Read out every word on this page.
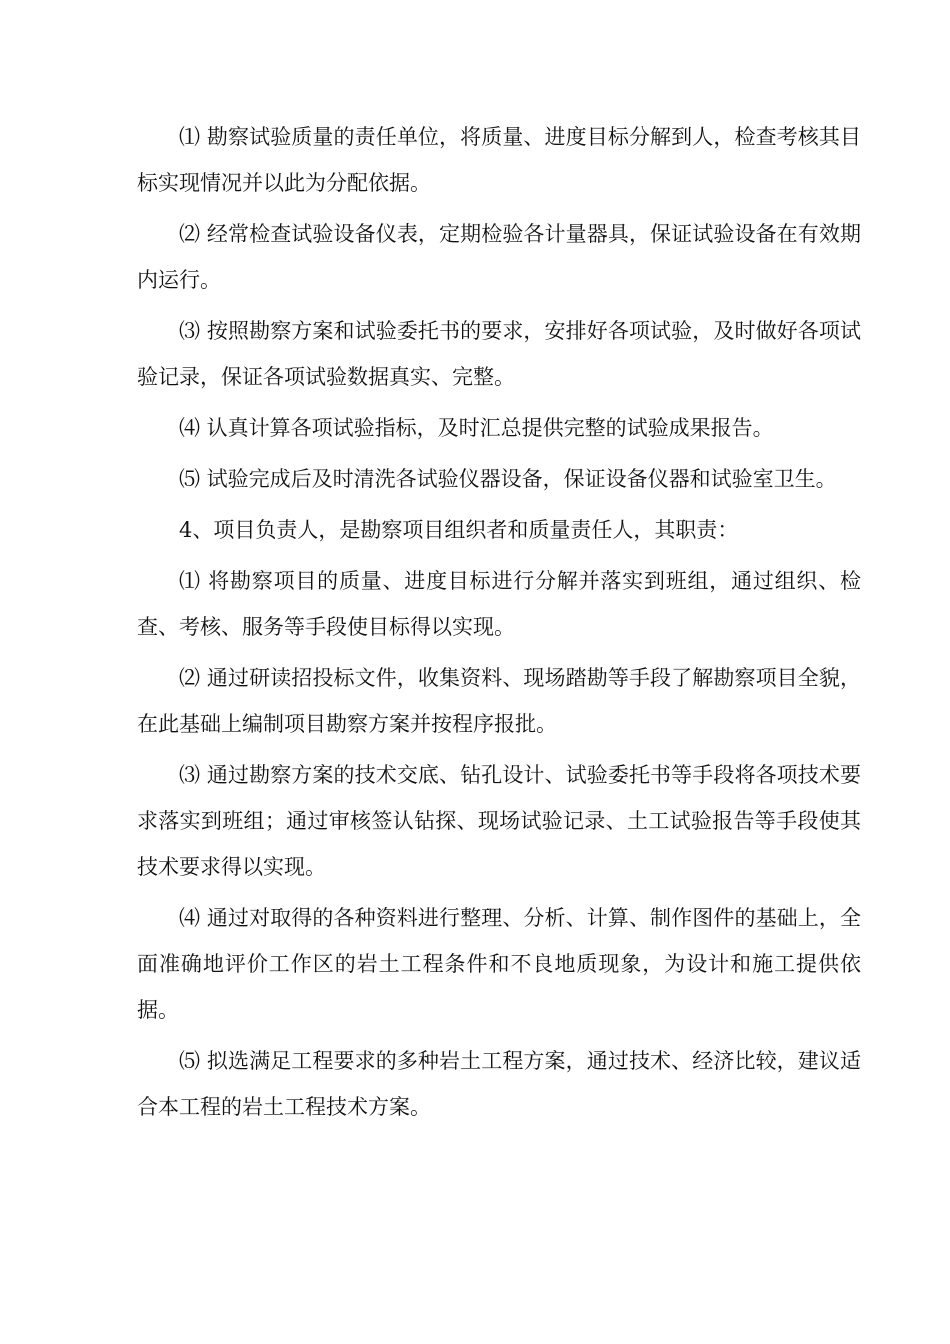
⑴ 勘察试验质量的责任单位，将质量、进度目标分解到人，检查考核其目标实现情况并以此为分配依据。

⑵ 经常检查试验设备仪表，定期检验各计量器具，保证试验设备在有效期内运行。

⑶ 按照勘察方案和试验委托书的要求，安排好各项试验，及时做好各项试验记录，保证各项试验数据真实、完整。

⑷ 认真计算各项试验指标，及时汇总提供完整的试验成果报告。

⑸ 试验完成后及时清洗各试验仪器设备，保证设备仪器和试验室卫生。

4、项目负责人，是勘察项目组织者和质量责任人，其职责：

⑴ 将勘察项目的质量、进度目标进行分解并落实到班组，通过组织、检查、考核、服务等手段使目标得以实现。

⑵ 通过研读招投标文件，收集资料、现场踏勘等手段了解勘察项目全貌，在此基础上编制项目勘察方案并按程序报批。

⑶ 通过勘察方案的技术交底、钻孔设计、试验委托书等手段将各项技术要求落实到班组；通过审核签认钻探、现场试验记录、土工试验报告等手段使其技术要求得以实现。

⑷ 通过对取得的各种资料进行整理、分析、计算、制作图件的基础上，全面准确地评价工作区的岩土工程条件和不良地质现象，为设计和施工提供依据。

⑸ 拟选满足工程要求的多种岩土工程方案，通过技术、经济比较，建议适合本工程的岩土工程技术方案。
